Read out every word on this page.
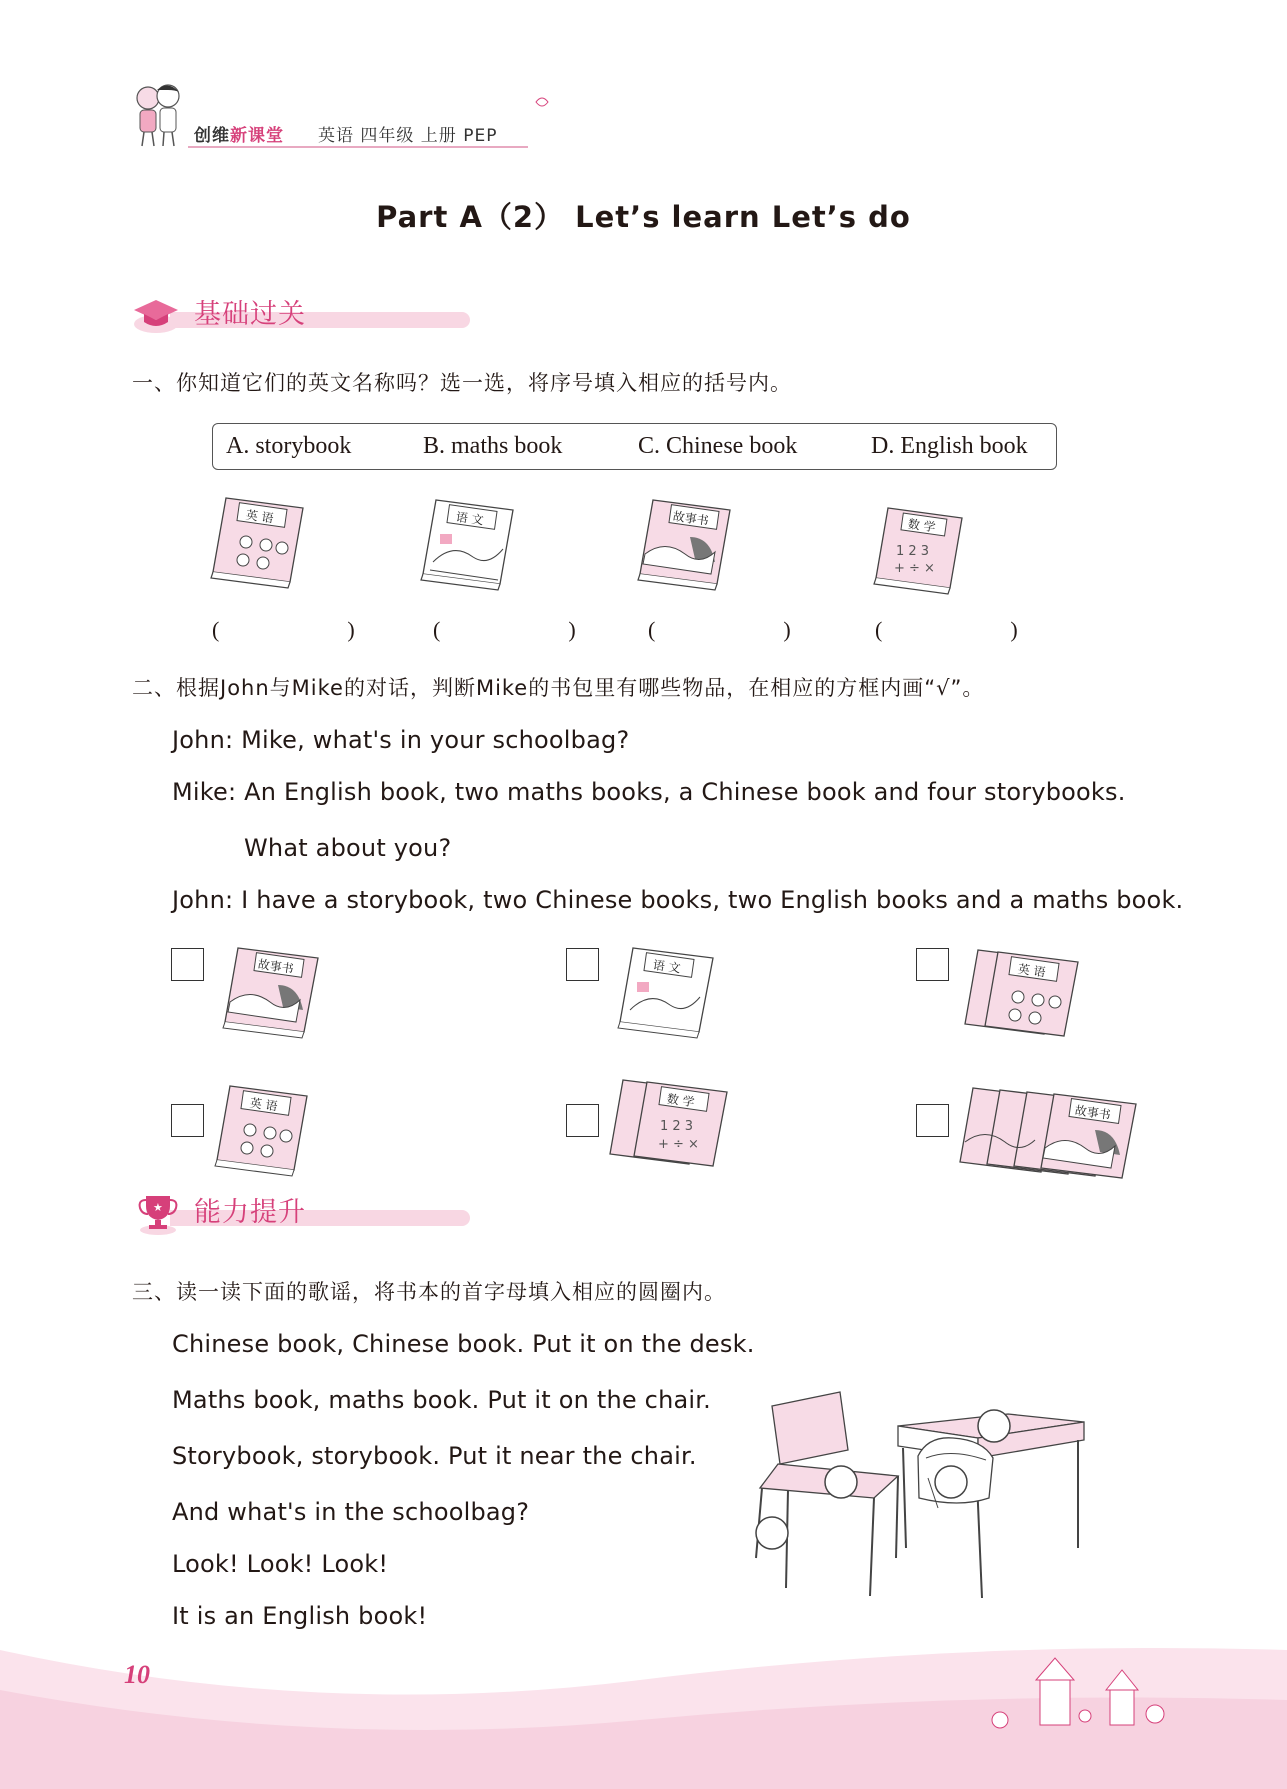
创维新课堂 英语 四年级 上册 PEP
Part A（2） Let’s learn Let’s do
基础过关
一、你知道它们的英文名称吗？选一选，将序号填入相应的括号内。
A. storybook	B. maths book	C. Chinese book	D. English book
英 语	语 文	故事书	数 学
1 2 3
+ ÷ ×
(　　) (　　) (　　)	(　　)
二、根据John与Mike的对话，判断Mike的书包里有哪些物品，在相应的方框内画“√”。
John: Mike, what's in your schoolbag?
Mike: An English book, two maths books, a Chinese book and four storybooks.
What about you?
John: I have a storybook, two Chinese books, two English books and a maths book.
故事书	语 文	英 语
英 语	数 学
1 2 3
+ ÷ ×
故事书
★ 能力提升
三、读一读下面的歌谣，将书本的首字母填入相应的圆圈内。
Chinese book, Chinese book. Put it on the desk.
Maths book, maths book. Put it on the chair.
Storybook, storybook. Put it near the chair.
And what's in the schoolbag?
Look! Look! Look!
It is an English book!
10
